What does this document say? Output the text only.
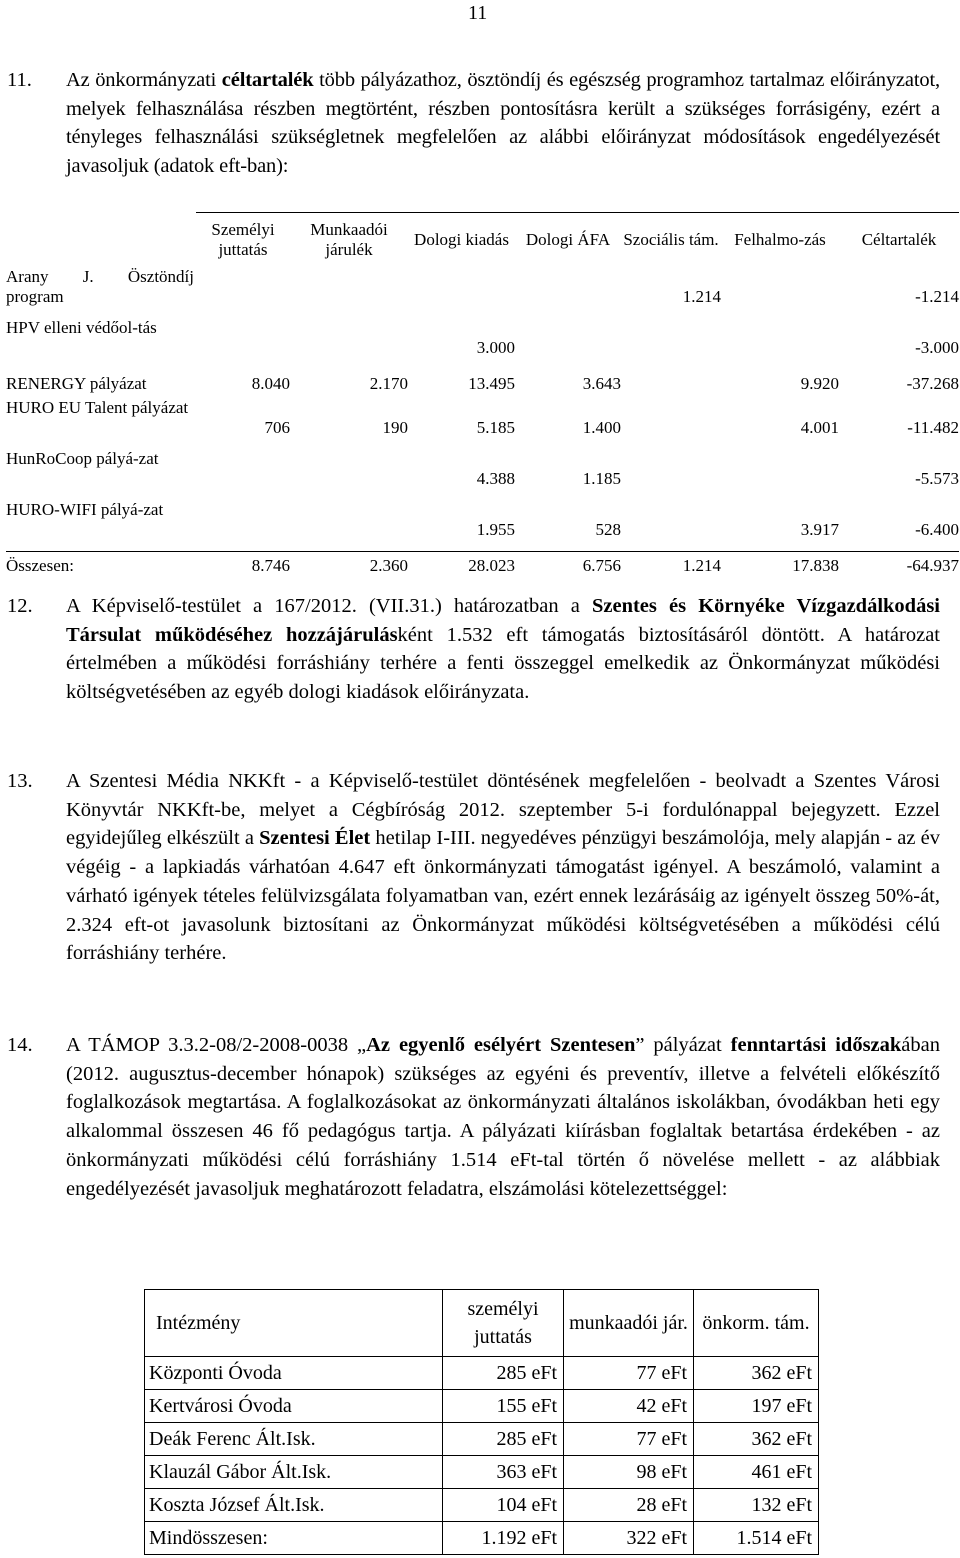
11
11. Az önkormányzati céltartalék több pályázathoz, ösztöndíj és egészség programhoz tartalmaz előirányzatot, melyek felhasználása részben megtörtént, részben pontosításra került a szükséges forrásigény, ezért a tényleges felhasználási szükségletnek megfelelően az alábbi előirányzat módosítások engedélyezését javasoljuk (adatok eft-ban):
	Személyi juttatás	Munkaadói járulék	Dologi kiadás	Dologi ÁFA	Szociális tám.	Felhalmo-zás	Céltartalék
Arany J. Ösztöndíj program					1.214		-1.214
HPV elleni védőol-tás			3.000				-3.000
RENERGY pályázat	8.040	2.170	13.495	3.643		9.920	-37.268
HURO EU Talent pályázat	706	190	5.185	1.400		4.001	-11.482
HunRoCoop pályá-zat			4.388	1.185			-5.573
HURO-WIFI pályá-zat			1.955	528		3.917	-6.400
Összesen:	8.746	2.360	28.023	6.756	1.214	17.838	-64.937
12. A Képviselő-testület a 167/2012. (VII.31.) határozatban a Szentes és Környéke Vízgazdálkodási Társulat működéséhez hozzájárulásként 1.532 eft támogatás biztosításáról döntött. A határozat értelmében a működési forráshiány terhére a fenti összeggel emelkedik az Önkormányzat működési költségvetésében az egyéb dologi kiadások előirányzata.
13. A Szentesi Média NKKft - a Képviselő-testület döntésének megfelelően - beolvadt a Szentes Városi Könyvtár NKKft-be, melyet a Cégbíróság 2012. szeptember 5-i fordulónappal bejegyzett. Ezzel egyidejűleg elkészült a Szentesi Élet hetilap I-III. negyedéves pénzügyi beszámolója, mely alapján - az év végéig - a lapkiadás várhatóan 4.647 eft önkormányzati támogatást igényel. A beszámoló, valamint a várható igények tételes felülvizsgálata folyamatban van, ezért ennek lezárásáig az igényelt összeg 50%-át, 2.324 eft-ot javasolunk biztosítani az Önkormányzat működési költségvetésében a működési célú forráshiány terhére.
14. A TÁMOP 3.3.2-08/2-2008-0038 „Az egyenlő esélyért Szentesen” pályázat fenntartási időszakában (2012. augusztus-december hónapok) szükséges az egyéni és preventív, illetve a felvételi előkészítő foglalkozások megtartása. A foglalkozásokat az önkormányzati általános iskolákban, óvodákban heti egy alkalommal összesen 46 fő pedagógus tartja. A pályázati kiírásban foglaltak betartása érdekében - az önkormányzati működési célú forráshiány 1.514 eFt-tal történ ő növelése mellett - az alábbiak engedélyezését javasoljuk meghatározott feladatra, elszámolási kötelezettséggel:
Intézmény	személyi juttatás	munkaadói jár.	önkorm. tám.
Központi Óvoda	285 eFt	77 eFt	362 eFt
Kertvárosi Óvoda	155 eFt	42 eFt	197 eFt
Deák Ferenc Ált.Isk.	285 eFt	77 eFt	362 eFt
Klauzál Gábor Ált.Isk.	363 eFt	98 eFt	461 eFt
Koszta József Ált.Isk.	104 eFt	28 eFt	132 eFt
Mindösszesen:	1.192 eFt	322 eFt	1.514 eFt
